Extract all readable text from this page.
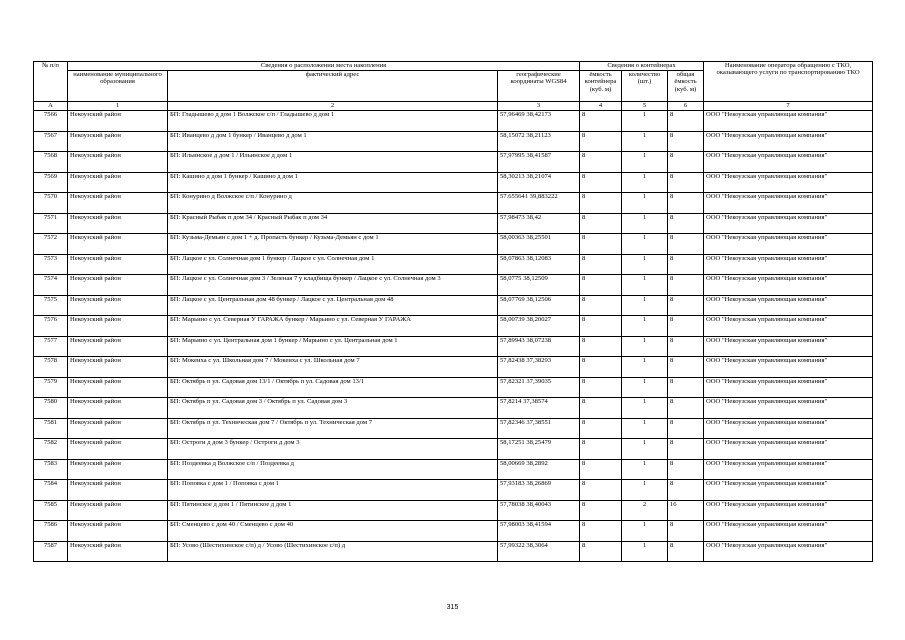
№ п/п	Сведения о расположении места накопления			Сведения о контейнерах			Наименование оператора обращению с ТКО, оказывающего услуги по транспортированию ТКО
	наименование муниципального образования	фактический адрес	географические координаты WGS84	ёмкость контейнера (куб. м)	количество (шт.)	общая ёмкость (куб. м)	
А	1	2	3	4	5	6	7
7566	Некоузский район	БП: Гладышево д дом 1 Волжское с/п / Гладышево д дом 1	57,96469 38,42173	8	1	8	ООО "Некоузская управляющая компания"
7567	Некоузский район	БП: Иванцево д дом 1 бункер / Иванцево д дом 1	58,15072 38,21123	8	1	8	ООО "Некоузская управляющая компания"
7568	Некоузский район	БП: Ильинское д дом 1 / Ильинское д дом 1	57,97995 38,41587	8	1	8	ООО "Некоузская управляющая компания"
7569	Некоузский район	БП: Кашино д дом 1 бункер / Кашино д дом 1	58,30213 38,21074	8	1	8	ООО "Некоузская управляющая компания"
7570	Некоузский район	БП: Конурино д Волжское с/п / Конурино д	57.655641 39,883222	8	1	8	ООО "Некоузская управляющая компания"
7571	Некоузский район	БП: Красный Рыбак п дом 34 / Красный Рыбак п дом 34	57,98473 38,42	8	1	8	ООО "Некоузская управляющая компания"
7572	Некоузский район	БП: Кузьма-Демьян с дом 1 + д. Пропасть бункер / Кузьма-Демьян с дом 1	58,00363 38,25501	8	1	8	ООО "Некоузская управляющая компания"
7573	Некоузский район	БП: Лацкое с ул. Солнечная дом 1 бункер / Лацкое с ул. Солнечная дом 1	58,07863 38,12083	8	1	8	ООО "Некоузская управляющая компания"
7574	Некоузский район	БП: Лацкое с ул. Солнечная дом 3 / Зеленая 7 у кладбища бункер / Лацкое с ул. Солнечная дом 3	58,0775 38,12509	8	1	8	ООО "Некоузская управляющая компания"
7575	Некоузский район	БП: Лацкое с ул. Центральная дом 48 бункер / Лацкое с ул. Центральная дом 48	58,07769 38,12506	8	1	8	ООО "Некоузская управляющая компания"
7576	Некоузский район	БП: Марьино с ул. Северная У ГАРАЖА бункер / Марьино с ул. Северная У ГАРАЖА	58,00739 38,20027	8	1	8	ООО "Некоузская управляющая компания"
7577	Некоузский район	БП: Марьино с ул. Центральная дом 1 бункер / Марьино с ул. Центральная дом 1	57,89943 38,07238	8	1	8	ООО "Некоузская управляющая компания"
7578	Некоузский район	БП: Мокеиха с ул. Школьная дом 7 / Мокеиха с ул. Школьная дом 7	57,82438 37,38293	8	1	8	ООО "Некоузская управляющая компания"
7579	Некоузский район	БП: Октябрь п ул. Садовая дом 13/1 / Октябрь п ул. Садовая дом 13/1	57,82321 37,39035	8	1	8	ООО "Некоузская управляющая компания"
7580	Некоузский район	БП: Октябрь п ул. Садовая дом 3 / Октябрь п ул. Садовая дом 3	57,8214 37,38574	8	1	8	ООО "Некоузская управляющая компания"
7581	Некоузский район	БП: Октябрь п ул. Техническая дом 7 / Октябрь п ул. Техническая дом 7	57,82346 37,38551	8	1	8	ООО "Некоузская управляющая компания"
7582	Некоузский район	БП: Остроги д дом 3 бункер / Остроги д дом 3	58,17251 38,25479	8	1	8	ООО "Некоузская управляющая компания"
7583	Некоузский район	БП: Поздеевка д Волжское с/п / Поздеевка д	58,00669 38,2892	8	1	8	ООО "Некоузская управляющая компания"
7584	Некоузский район	БП: Поповка с дом 1 / Поповка с дом 1	57,93183 38,26869	8	1	8	ООО "Некоузская управляющая компания"
7585	Некоузский район	БП: Пятинское д дом 1 / Пятинское д дом 1	57,78038 38,40043	8	2	16	ООО "Некоузская управляющая компания"
7586	Некоузский район	БП: Сменцево с дом 40 / Сменцево с дом 40	57,98003 38,41594	8	1	8	ООО "Некоузская управляющая компания"
7587	Некоузский район	БП: Усово (Шестихинское с/п) д / Усово (Шестихинское с/п) д	57,99322 38,3064	8	1	8	ООО "Некоузская управляющая компания"
315
